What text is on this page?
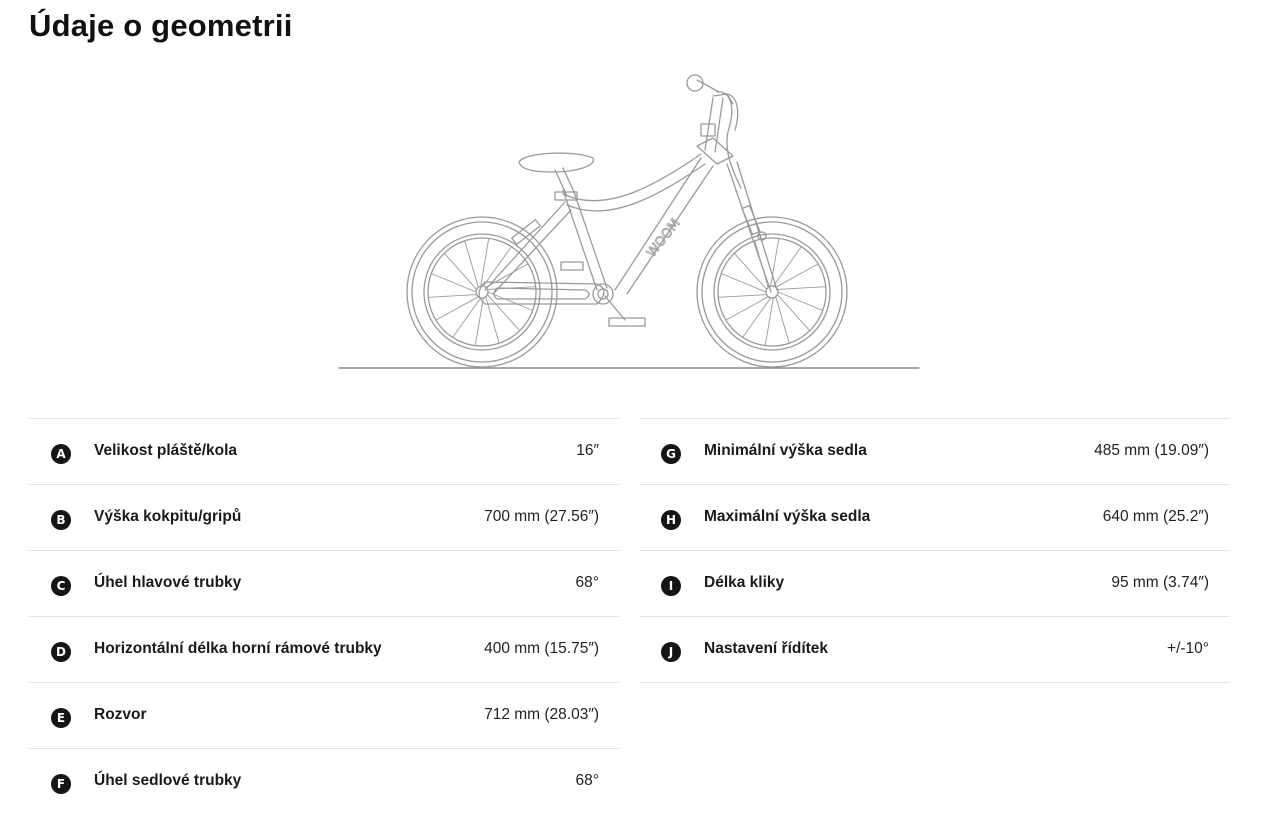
Údaje o geometrii
WOOM
A	Velikost pláště/kola	16″
B	Výška kokpitu/gripů	700 mm (27.56″)
C	Úhel hlavové trubky	68°
D	Horizontální délka horní rámové trubky	400 mm (15.75″)
E	Rozvor	712 mm (28.03″)
F	Úhel sedlové trubky	68°
G	Minimální výška sedla	485 mm (19.09″)
H	Maximální výška sedla	640 mm (25.2″)
I	Délka kliky	95 mm (3.74″)
J	Nastavení řídítek	+/-10°
